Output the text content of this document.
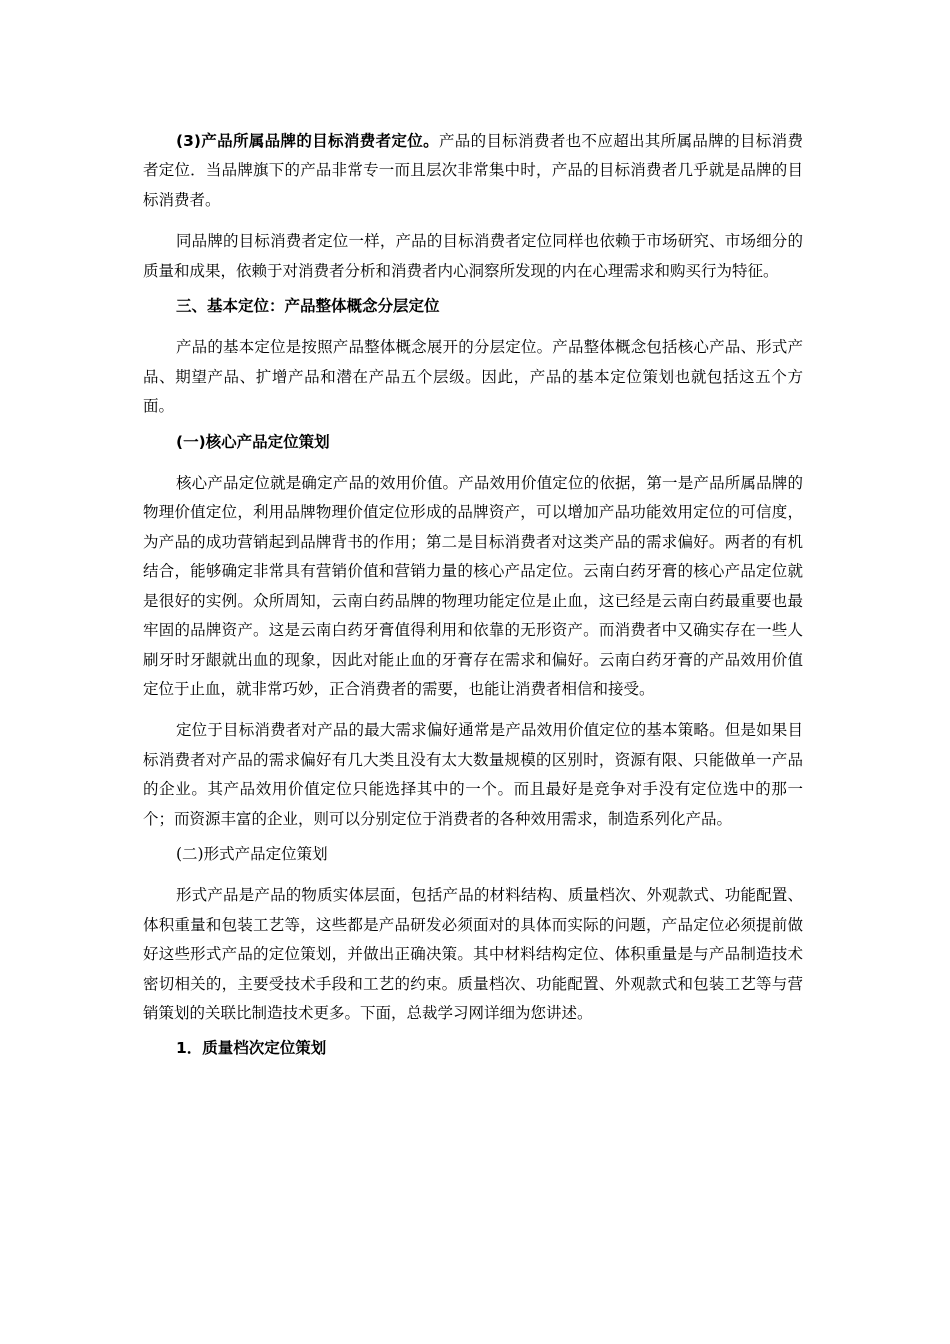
(3)产品所属品牌的目标消费者定位。产品的目标消费者也不应超出其所属品牌的目标消费者定位．当品牌旗下的产品非常专一而且层次非常集中时，产品的目标消费者几乎就是品牌的目标消费者。

同品牌的目标消费者定位一样，产品的目标消费者定位同样也依赖于市场研究、市场细分的质量和成果，依赖于对消费者分析和消费者内心洞察所发现的内在心理需求和购买行为特征。

三、基本定位：产品整体概念分层定位

产品的基本定位是按照产品整体概念展开的分层定位。产品整体概念包括核心产品、形式产品、期望产品、扩增产品和潜在产品五个层级。因此，产品的基本定位策划也就包括这五个方面。

(一)核心产品定位策划

核心产品定位就是确定产品的效用价值。产品效用价值定位的依据，第一是产品所属品牌的物理价值定位，利用品牌物理价值定位形成的品牌资产，可以增加产品功能效用定位的可信度，为产品的成功营销起到品牌背书的作用；第二是目标消费者对这类产品的需求偏好。两者的有机结合，能够确定非常具有营销价值和营销力量的核心产品定位。云南白药牙膏的核心产品定位就是很好的实例。众所周知，云南白药品牌的物理功能定位是止血，这已经是云南白药最重要也最牢固的品牌资产。这是云南白药牙膏值得利用和依靠的无形资产。而消费者中又确实存在一些人刷牙时牙龈就出血的现象，因此对能止血的牙膏存在需求和偏好。云南白药牙膏的产品效用价值定位于止血，就非常巧妙，正合消费者的需要，也能让消费者相信和接受。

定位于目标消费者对产品的最大需求偏好通常是产品效用价值定位的基本策略。但是如果目标消费者对产品的需求偏好有几大类且没有太大数量规模的区别时，资源有限、只能做单一产品的企业。其产品效用价值定位只能选择其中的一个。而且最好是竞争对手没有定位选中的那一个；而资源丰富的企业，则可以分别定位于消费者的各种效用需求，制造系列化产品。

(二)形式产品定位策划

形式产品是产品的物质实体层面，包括产品的材料结构、质量档次、外观款式、功能配置、体积重量和包装工艺等，这些都是产品研发必须面对的具体而实际的问题，产品定位必须提前做好这些形式产品的定位策划，并做出正确决策。其中材料结构定位、体积重量是与产品制造技术密切相关的，主要受技术手段和工艺的约束。质量档次、功能配置、外观款式和包装工艺等与营销策划的关联比制造技术更多。下面，总裁学习网详细为您讲述。

1．质量档次定位策划
